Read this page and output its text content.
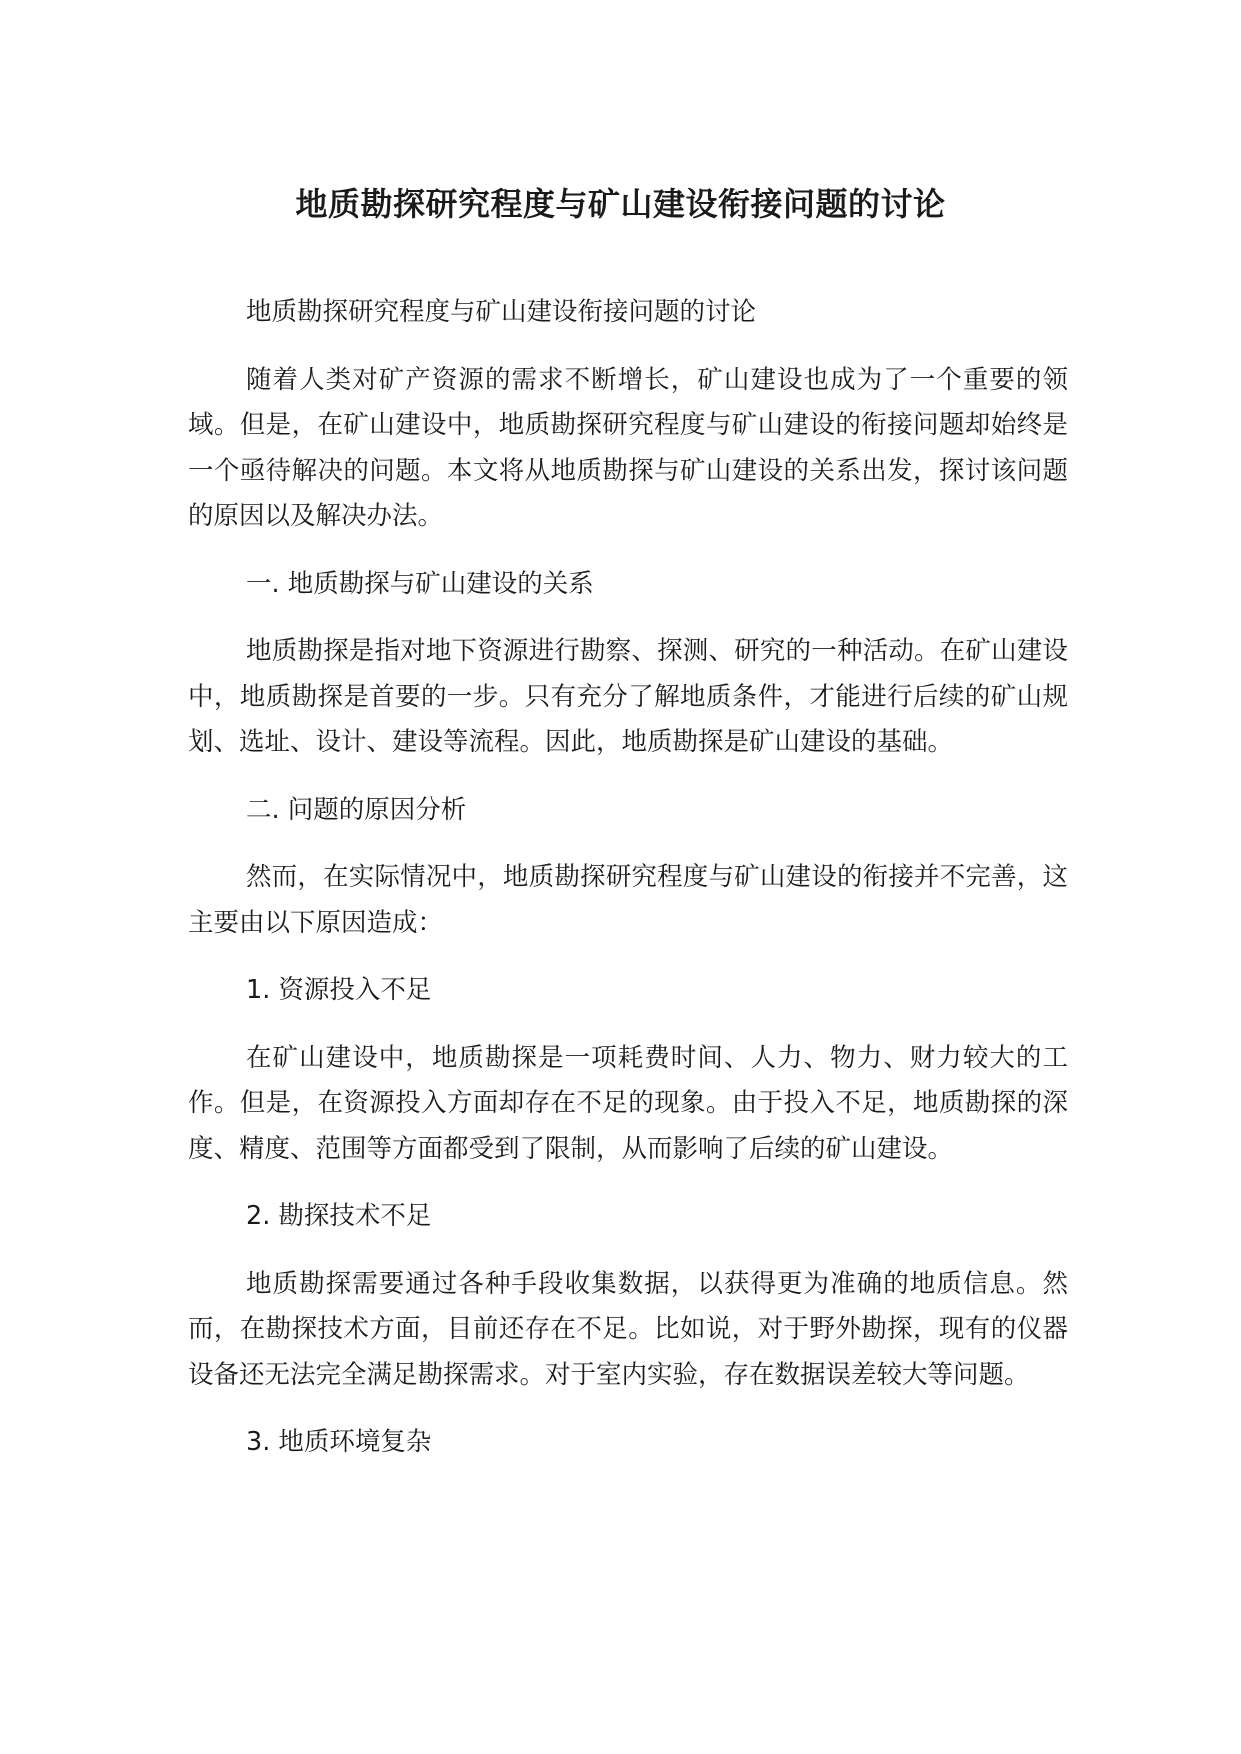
地质勘探研究程度与矿山建设衔接问题的讨论

地质勘探研究程度与矿山建设衔接问题的讨论

随着人类对矿产资源的需求不断增长，矿山建设也成为了一个重要的领域。但是，在矿山建设中，地质勘探研究程度与矿山建设的衔接问题却始终是一个亟待解决的问题。本文将从地质勘探与矿山建设的关系出发，探讨该问题的原因以及解决办法。

一. 地质勘探与矿山建设的关系

地质勘探是指对地下资源进行勘察、探测、研究的一种活动。在矿山建设中，地质勘探是首要的一步。只有充分了解地质条件，才能进行后续的矿山规划、选址、设计、建设等流程。因此，地质勘探是矿山建设的基础。

二. 问题的原因分析

然而，在实际情况中，地质勘探研究程度与矿山建设的衔接并不完善，这主要由以下原因造成：

1. 资源投入不足

在矿山建设中，地质勘探是一项耗费时间、人力、物力、财力较大的工作。但是，在资源投入方面却存在不足的现象。由于投入不足，地质勘探的深度、精度、范围等方面都受到了限制，从而影响了后续的矿山建设。

2. 勘探技术不足

地质勘探需要通过各种手段收集数据，以获得更为准确的地质信息。然而，在勘探技术方面，目前还存在不足。比如说，对于野外勘探，现有的仪器设备还无法完全满足勘探需求。对于室内实验，存在数据误差较大等问题。

3. 地质环境复杂
